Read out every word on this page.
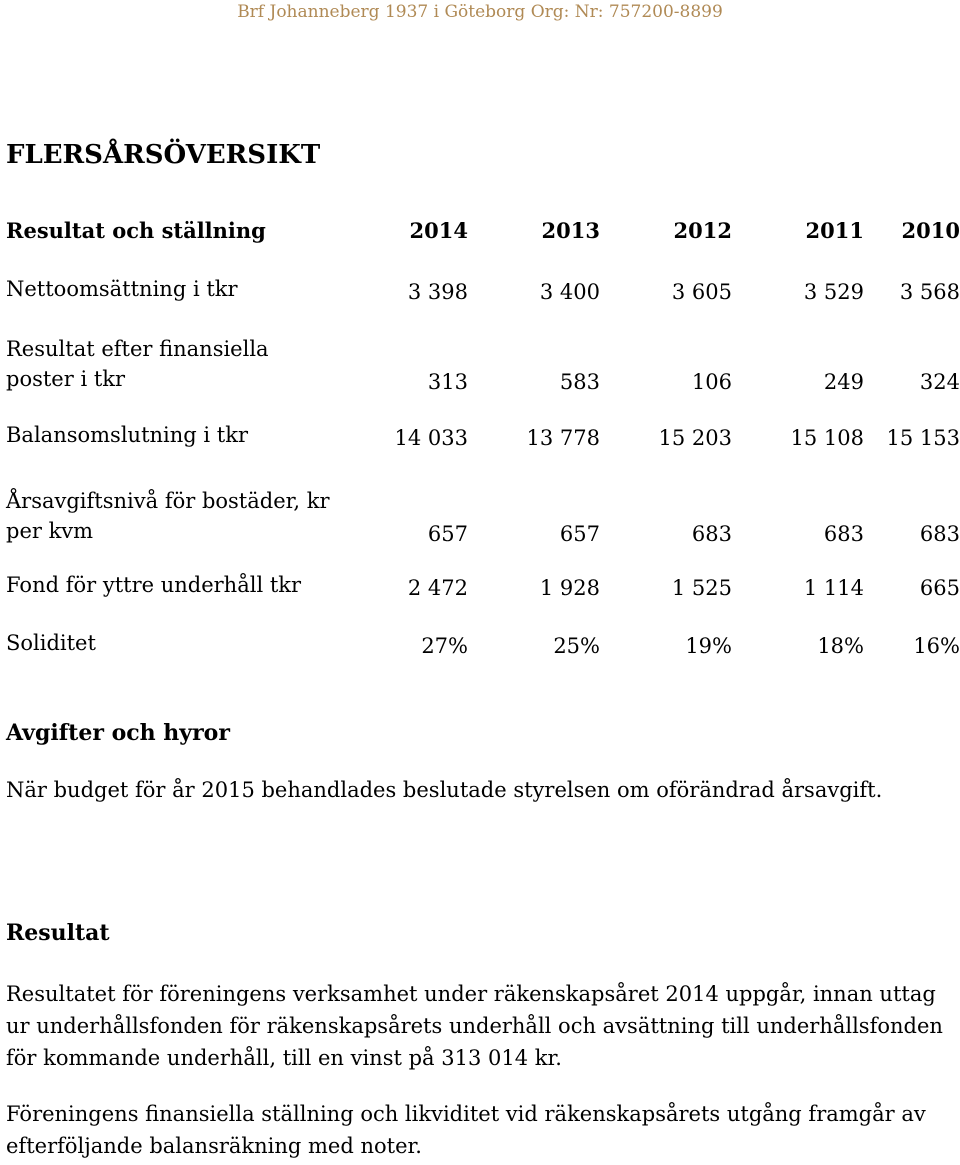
Brf Johanneberg 1937 i Göteborg Org: Nr: 757200-8899
FLERSÅRSÖVERSIKT
Resultat och ställning	2014	2013	2012	2011	2010
Nettoomsättning i tkr	3 398	3 400	3 605	3 529	3 568
Resultat efter finansiella poster i tkr	313	583	106	249	324
Balansomslutning i tkr	14 033	13 778	15 203	15 108	15 153
Årsavgiftsnivå för bostäder, kr per kvm	657	657	683	683	683
Fond för yttre underhåll tkr	2 472	1 928	1 525	1 114	665
Soliditet	27%	25%	19%	18%	16%
Avgifter och hyror

När budget för år 2015 behandlades beslutade styrelsen om oförändrad årsavgift.

Resultat

Resultatet för föreningens verksamhet under räkenskapsåret 2014 uppgår, innan uttag ur underhållsfonden för räkenskapsårets underhåll och avsättning till underhållsfonden för kommande underhåll, till en vinst på 313 014 kr.

Föreningens finansiella ställning och likviditet vid räkenskapsårets utgång framgår av efterföljande balansräkning med noter.
